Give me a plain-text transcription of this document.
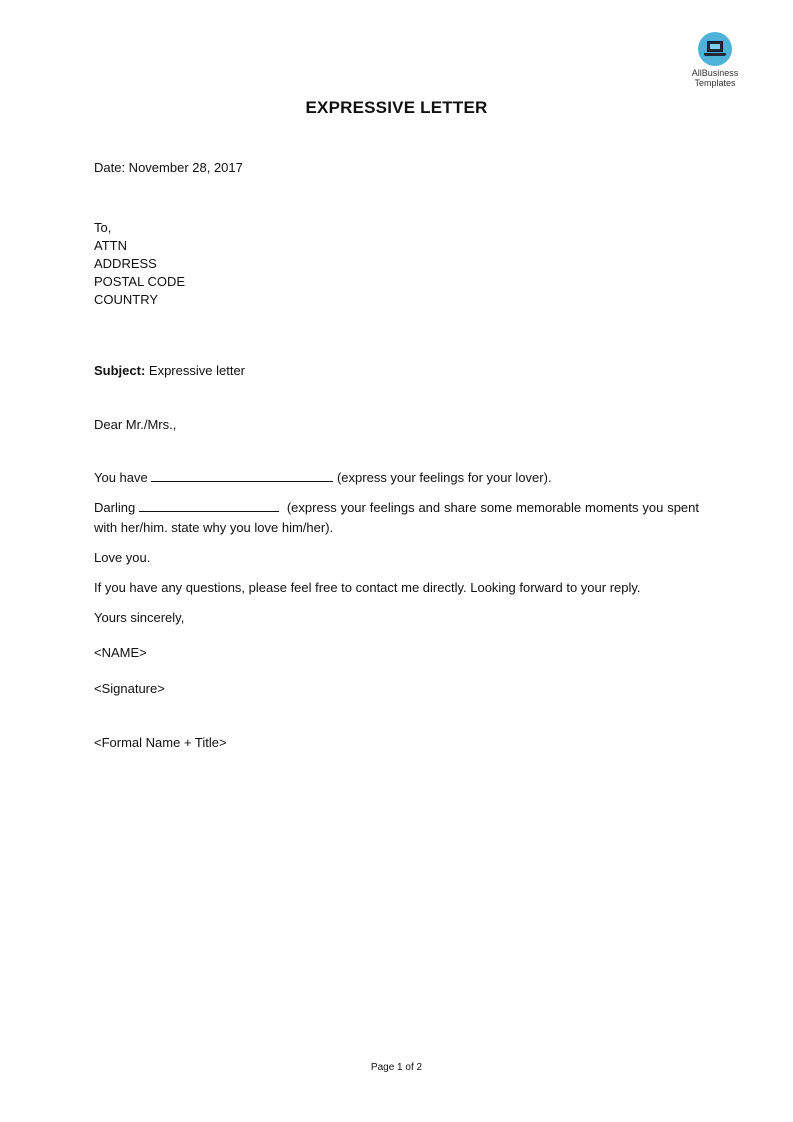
AllBusiness
Templates
EXPRESSIVE LETTER
Date: November 28, 2017
To,
ATTN
ADDRESS
POSTAL CODE
COUNTRY
Subject: Expressive letter
Dear Mr./Mrs.,
You have	(express your feelings for your lover).
Darling	(express your feelings and share some memorable moments you spent with her/him. state why you love him/her).
Love you.
If you have any questions, please feel free to contact me directly. Looking forward to your reply.
Yours sincerely,
<NAME>
<Signature>
<Formal Name + Title>
Page 1 of 2
